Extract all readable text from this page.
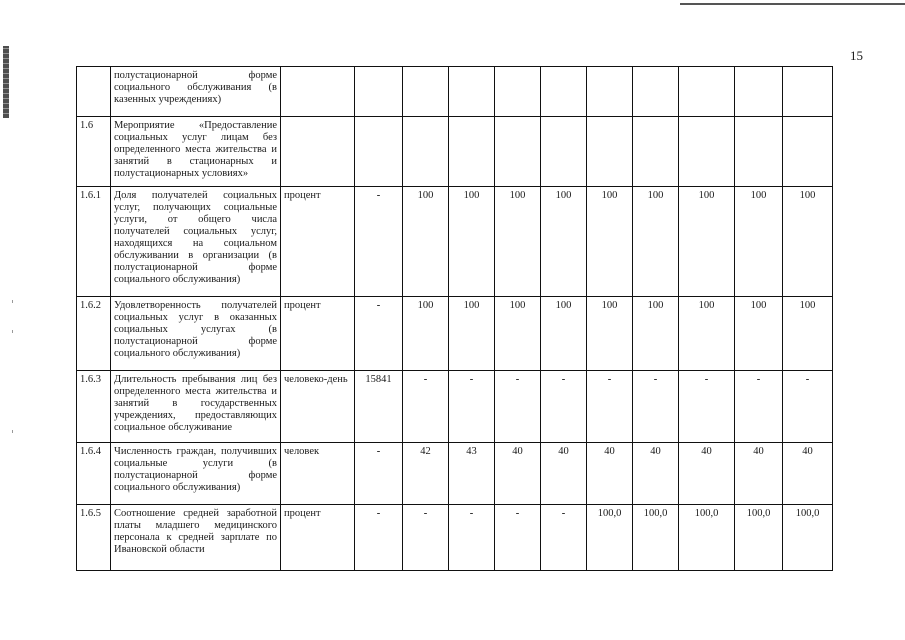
15
	полустационарной форме социального обслуживания (в казенных учреждениях)											
1.6	Мероприятие «Предоставление социальных услуг лицам без определенного места жительства и занятий в стационарных и полустационарных условиях»											
1.6.1	Доля получателей социальных услуг, получающих социальные услуги, от общего числа получателей социальных услуг, находящихся на социальном обслуживании в организации (в полустационарной форме социального обслуживания)	процент	-	100	100	100	100	100	100	100	100	100
1.6.2	Удовлетворенность получателей социальных услуг в оказанных социальных услугах (в полустационарной форме социального обслуживания)	процент	-	100	100	100	100	100	100	100	100	100
1.6.3	Длительность пребывания лиц без определенного места жительства и занятий в государственных учреждениях, предоставляющих социальное обслуживание	человеко-день	15841	-	-	-	-	-	-	-	-	-
1.6.4	Численность граждан, получивших социальные услуги (в полустационарной форме социального обслуживания)	человек	-	42	43	40	40	40	40	40	40	40
1.6.5	Соотношение средней заработной платы младшего медицинского персонала к средней зарплате по Ивановской области	процент	-	-	-	-	-	100,0	100,0	100,0	100,0	100,0
